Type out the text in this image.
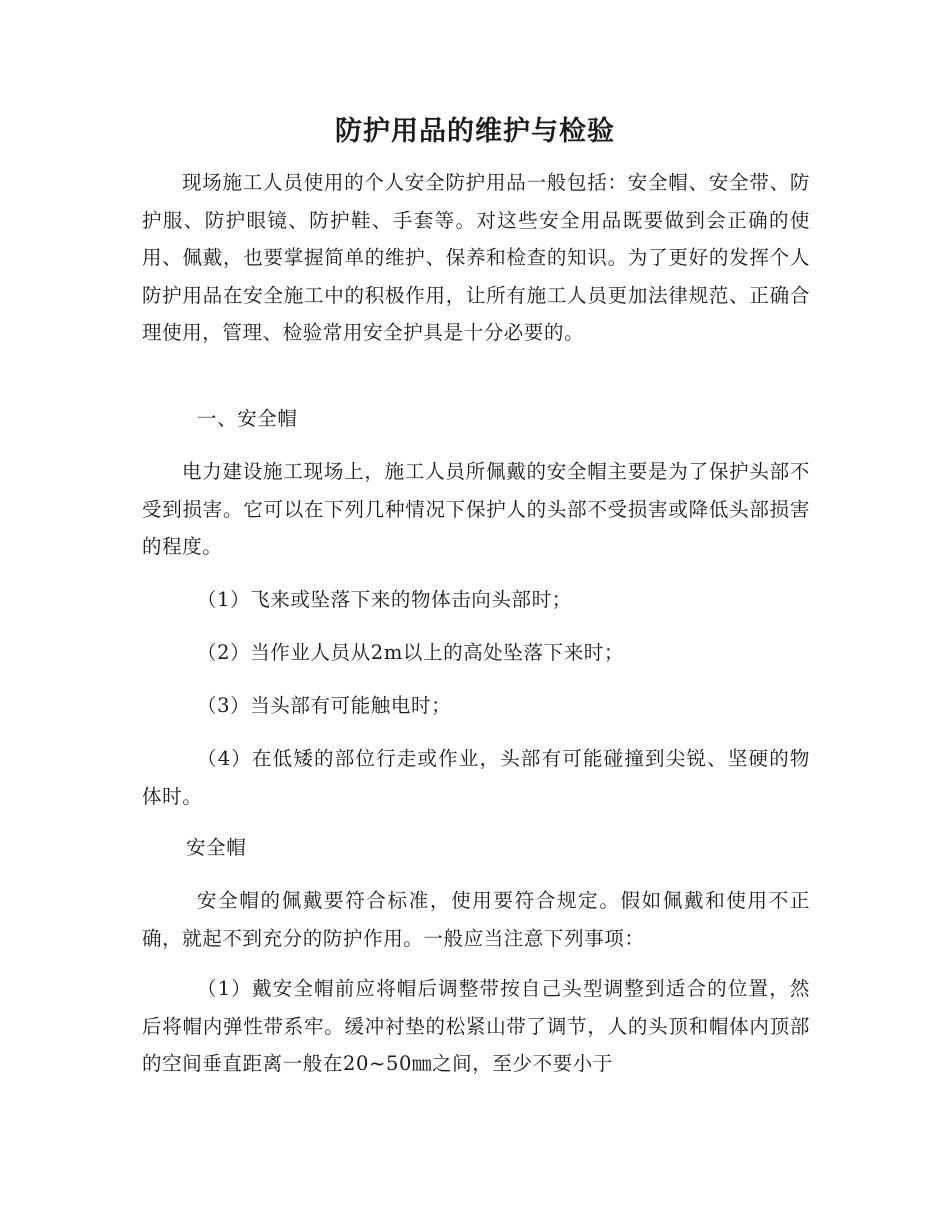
防护用品的维护与检验

现场施工人员使用的个人安全防护用品一般包括：安全帽、安全带、防护服、防护眼镜、防护鞋、手套等。对这些安全用品既要做到会正确的使用、佩戴，也要掌握简单的维护、保养和检查的知识。为了更好的发挥个人防护用品在安全施工中的积极作用，让所有施工人员更加法律规范、正确合理使用，管理、检验常用安全护具是十分必要的。

一、安全帽

电力建设施工现场上，施工人员所佩戴的安全帽主要是为了保护头部不受到损害。它可以在下列几种情况下保护人的头部不受损害或降低头部损害的程度。

（1）飞来或坠落下来的物体击向头部时；

（2）当作业人员从2m以上的高处坠落下来时；

（3）当头部有可能触电时；

（4）在低矮的部位行走或作业，头部有可能碰撞到尖锐、坚硬的物体时。

安全帽

安全帽的佩戴要符合标准，使用要符合规定。假如佩戴和使用不正确，就起不到充分的防护作用。一般应当注意下列事项：

（1）戴安全帽前应将帽后调整带按自己头型调整到适合的位置，然后将帽内弹性带系牢。缓冲衬垫的松紧山带了调节，人的头顶和帽体内顶部的空间垂直距离一般在20~50㎜之间，至少不要小于
